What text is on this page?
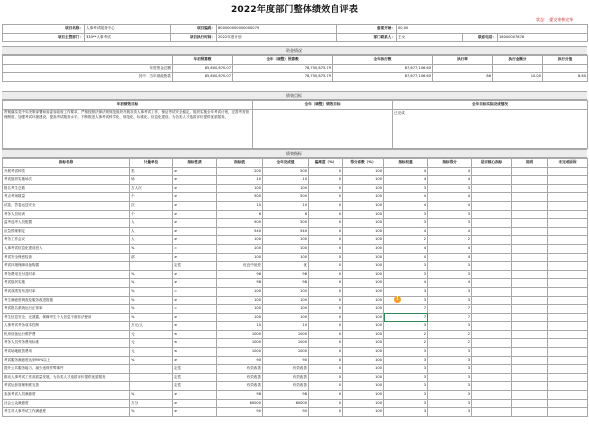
2022年度部门整体绩效自评表
状态： 提交审核完毕
项目名称：	人事考试服务中心	项目编码：	800000000000000079	备案开始：	00.00		
项目主管部门：	330**人事考试	项目执行时间：	2022年度计划	部门联系人：	王女	联系电话：	18000007878
资金情况
	年初预算数	全年（调整）预算数	全年执行数	执行率	执行金额分	执行分值
年度资金总额	65,600,670.07	78,750,875.79	67,677,106.65			
其中：当年财政拨款	65,600,670.07	78,750,875.79	67,677,106.65	86	10.00	8.60
绩效目标
年初绩效目标	全年（调整）绩效目标	全年目标实际完成情况
贯彻落实党中央决策部署和省委省政府工作要求，严格按照法律法规规范组织开展各类人事考试工作，保证考试安全稳定，组织实施全年考试计划，完善考务管理制度，加强考试环境建设，提高考试服务水平，不断推进人事考试科学化、规范化、标准化、信息化建设，为各类人才选拔评价提供优质服务。		已完成
绩效指标
指标名称	计量单位	指标性质	指标值	全年完成值	偏离度（%）	得分系数（%）	指标权重	指标得分	是否核心指标	说明	未完成原因
开展考试种类	类	≥	200	500	0	100	4	4			
考试组织实施场次	场	≥	10	10	0	100	4	4			
报名考生总数	万人次	≥	100	100	0	100	3	3			
考点考场数量	个	≥	500	500	0	100	4	4			
试卷、答卷运送安全	次	≥	10	10	0	100	4	4			
考务人员培训	个	≥	6	6	0	100	3	3			
监考巡考人员配置	人	≥	500	500	0	100	3	3			
应急预案制定	人	≥	540	540	0	100	4	4			
考务工作会议	人	≥	100	100	0	100	2	2			
人事考试信息化建设投入	%	=	100	100	0	100	4	4			
考试安全保密检查	部	≥	100	100	0	100	4	4			
考试环境保障设备购置		定性	优良中低差	优	0	100	3	3			
考务费用支付及时率	%	≥	98	98	0	100	3	3			
考试组织实施	%	≥	98	98	0	100	4	4			
考试成绩发布及时率	%	=	100	100	0	100	3	3			
考生满意度调查及服务改进措施	%	≥	100	100	0	100	3	3			
考试报名系统运行正常率	%	=	100	100	0	100	7	7			
考生信息安全，无泄露，保障考生个人信息不被非法使用	%	≥	100	100	0	100	7	7			
人事考试考务成本控制	万元/人	≤	10	10	0	100	3	3			
机房设备运行维护费	元	≤	1000	1000	0	100	2	2			
考务人员劳务费用标准	元	≤	1000	1000	0	100	2	2			
考试场地租赁费用	元	≤	1000	1000	0	100	3	3			
考试服务满意度达到90%以上	%	≥	90	90	0	100	3	3			
提升公共服务能力，减少违规作弊事件		定性	有效改善	有效改善	0	100	3	3			
推动人事考试工作高质量发展，为各类人才选拔评价提供优质服务		定性	有效改善	有效改善	0	100	3	3			
考试运营管理制度完善		定性	有效改善	有效改善	0	100	3	3			
参加考试人员满意度	%	≥	98	98	0	100	3	3			
社会公众满意度	万分	≥	60000	60000	0	100	3	3			
考生对人事考试工作满意度	%	≥	90	90	0	100	3	3			
!
